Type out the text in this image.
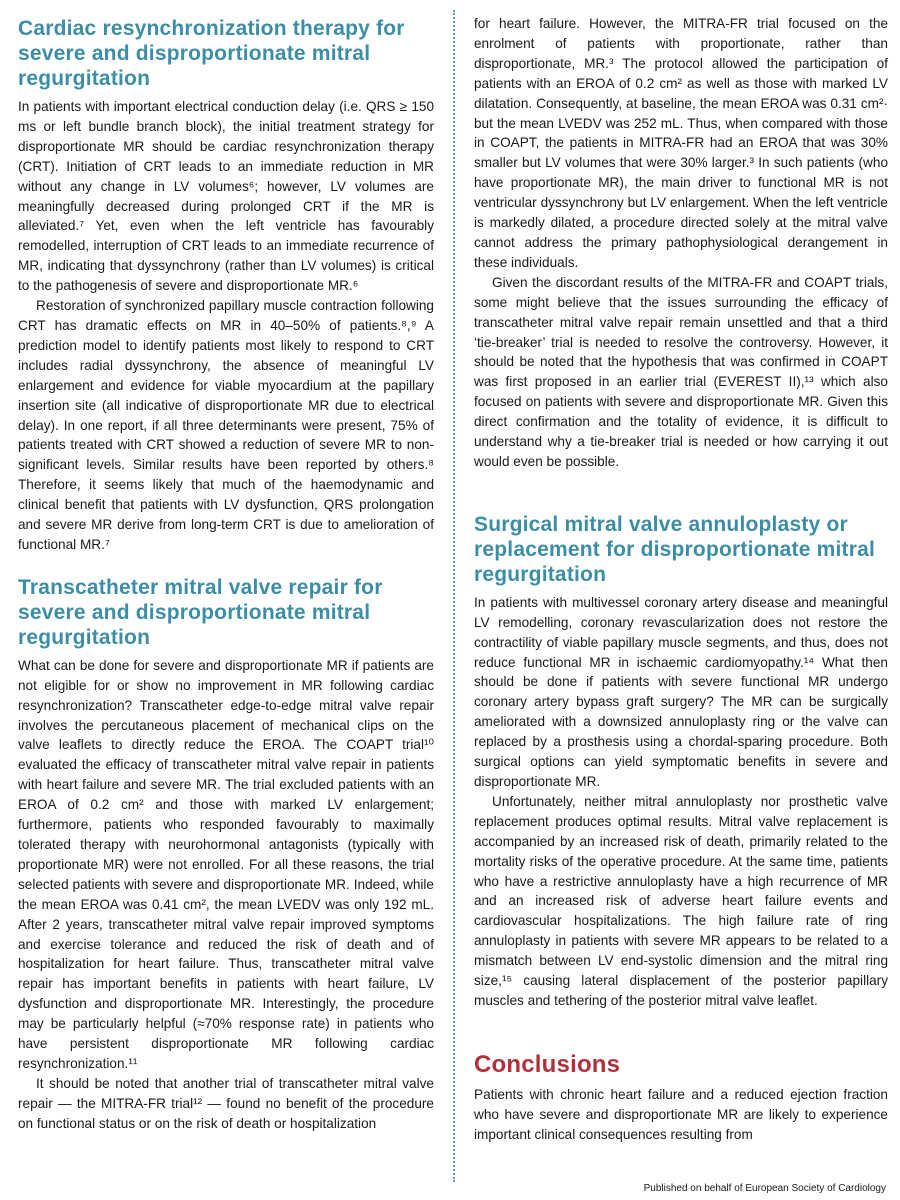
Cardiac resynchronization therapy for severe and disproportionate mitral regurgitation

In patients with important electrical conduction delay (i.e. QRS ≥ 150 ms or left bundle branch block), the initial treatment strategy for disproportionate MR should be cardiac resynchronization therapy (CRT). Initiation of CRT leads to an immediate reduction in MR without any change in LV volumes⁶; however, LV volumes are meaningfully decreased during prolonged CRT if the MR is alleviated.⁷ Yet, even when the left ventricle has favourably remodelled, interruption of CRT leads to an immediate recurrence of MR, indicating that dyssynchrony (rather than LV volumes) is critical to the pathogenesis of severe and disproportionate MR.⁶

Restoration of synchronized papillary muscle contraction following CRT has dramatic effects on MR in 40–50% of patients.⁸,⁹ A prediction model to identify patients most likely to respond to CRT includes radial dyssynchrony, the absence of meaningful LV enlargement and evidence for viable myocardium at the papillary insertion site (all indicative of disproportionate MR due to electrical delay). In one report, if all three determinants were present, 75% of patients treated with CRT showed a reduction of severe MR to non-significant levels. Similar results have been reported by others.⁸ Therefore, it seems likely that much of the haemodynamic and clinical benefit that patients with LV dysfunction, QRS prolongation and severe MR derive from long-term CRT is due to amelioration of functional MR.⁷

Transcatheter mitral valve repair for severe and disproportionate mitral regurgitation

What can be done for severe and disproportionate MR if patients are not eligible for or show no improvement in MR following cardiac resynchronization? Transcatheter edge-to-edge mitral valve repair involves the percutaneous placement of mechanical clips on the valve leaflets to directly reduce the EROA. The COAPT trial¹⁰ evaluated the efficacy of transcatheter mitral valve repair in patients with heart failure and severe MR. The trial excluded patients with an EROA of 0.2 cm² and those with marked LV enlargement; furthermore, patients who responded favourably to maximally tolerated therapy with neurohormonal antagonists (typically with proportionate MR) were not enrolled. For all these reasons, the trial selected patients with severe and disproportionate MR. Indeed, while the mean EROA was 0.41 cm², the mean LVEDV was only 192 mL. After 2 years, transcatheter mitral valve repair improved symptoms and exercise tolerance and reduced the risk of death and of hospitalization for heart failure. Thus, transcatheter mitral valve repair has important benefits in patients with heart failure, LV dysfunction and disproportionate MR. Interestingly, the procedure may be particularly helpful (≈70% response rate) in patients who have persistent disproportionate MR following cardiac resynchronization.¹¹

It should be noted that another trial of transcatheter mitral valve repair — the MITRA-FR trial¹² — found no benefit of the procedure on functional status or on the risk of death or hospitalization

for heart failure. However, the MITRA-FR trial focused on the enrolment of patients with proportionate, rather than disproportionate, MR.³ The protocol allowed the participation of patients with an EROA of 0.2 cm² as well as those with marked LV dilatation. Consequently, at baseline, the mean EROA was 0.31 cm²· but the mean LVEDV was 252 mL. Thus, when compared with those in COAPT, the patients in MITRA-FR had an EROA that was 30% smaller but LV volumes that were 30% larger.³ In such patients (who have proportionate MR), the main driver to functional MR is not ventricular dyssynchrony but LV enlargement. When the left ventricle is markedly dilated, a procedure directed solely at the mitral valve cannot address the primary pathophysiological derangement in these individuals.

Given the discordant results of the MITRA-FR and COAPT trials, some might believe that the issues surrounding the efficacy of transcatheter mitral valve repair remain unsettled and that a third ‘tie-breaker’ trial is needed to resolve the controversy. However, it should be noted that the hypothesis that was confirmed in COAPT was first proposed in an earlier trial (EVEREST II),¹³ which also focused on patients with severe and disproportionate MR. Given this direct confirmation and the totality of evidence, it is difficult to understand why a tie-breaker trial is needed or how carrying it out would even be possible.

Surgical mitral valve annuloplasty or replacement for disproportionate mitral regurgitation

In patients with multivessel coronary artery disease and meaningful LV remodelling, coronary revascularization does not restore the contractility of viable papillary muscle segments, and thus, does not reduce functional MR in ischaemic cardiomyopathy.¹⁴ What then should be done if patients with severe functional MR undergo coronary artery bypass graft surgery? The MR can be surgically ameliorated with a downsized annuloplasty ring or the valve can replaced by a prosthesis using a chordal-sparing procedure. Both surgical options can yield symptomatic benefits in severe and disproportionate MR.

Unfortunately, neither mitral annuloplasty nor prosthetic valve replacement produces optimal results. Mitral valve replacement is accompanied by an increased risk of death, primarily related to the mortality risks of the operative procedure. At the same time, patients who have a restrictive annuloplasty have a high recurrence of MR and an increased risk of adverse heart failure events and cardiovascular hospitalizations. The high failure rate of ring annuloplasty in patients with severe MR appears to be related to a mismatch between LV end-systolic dimension and the mitral ring size,¹⁵ causing lateral displacement of the posterior papillary muscles and tethering of the posterior mitral valve leaflet.

Conclusions

Patients with chronic heart failure and a reduced ejection fraction who have severe and disproportionate MR are likely to experience important clinical consequences resulting from

Published on behalf of European Society of Cardiology
